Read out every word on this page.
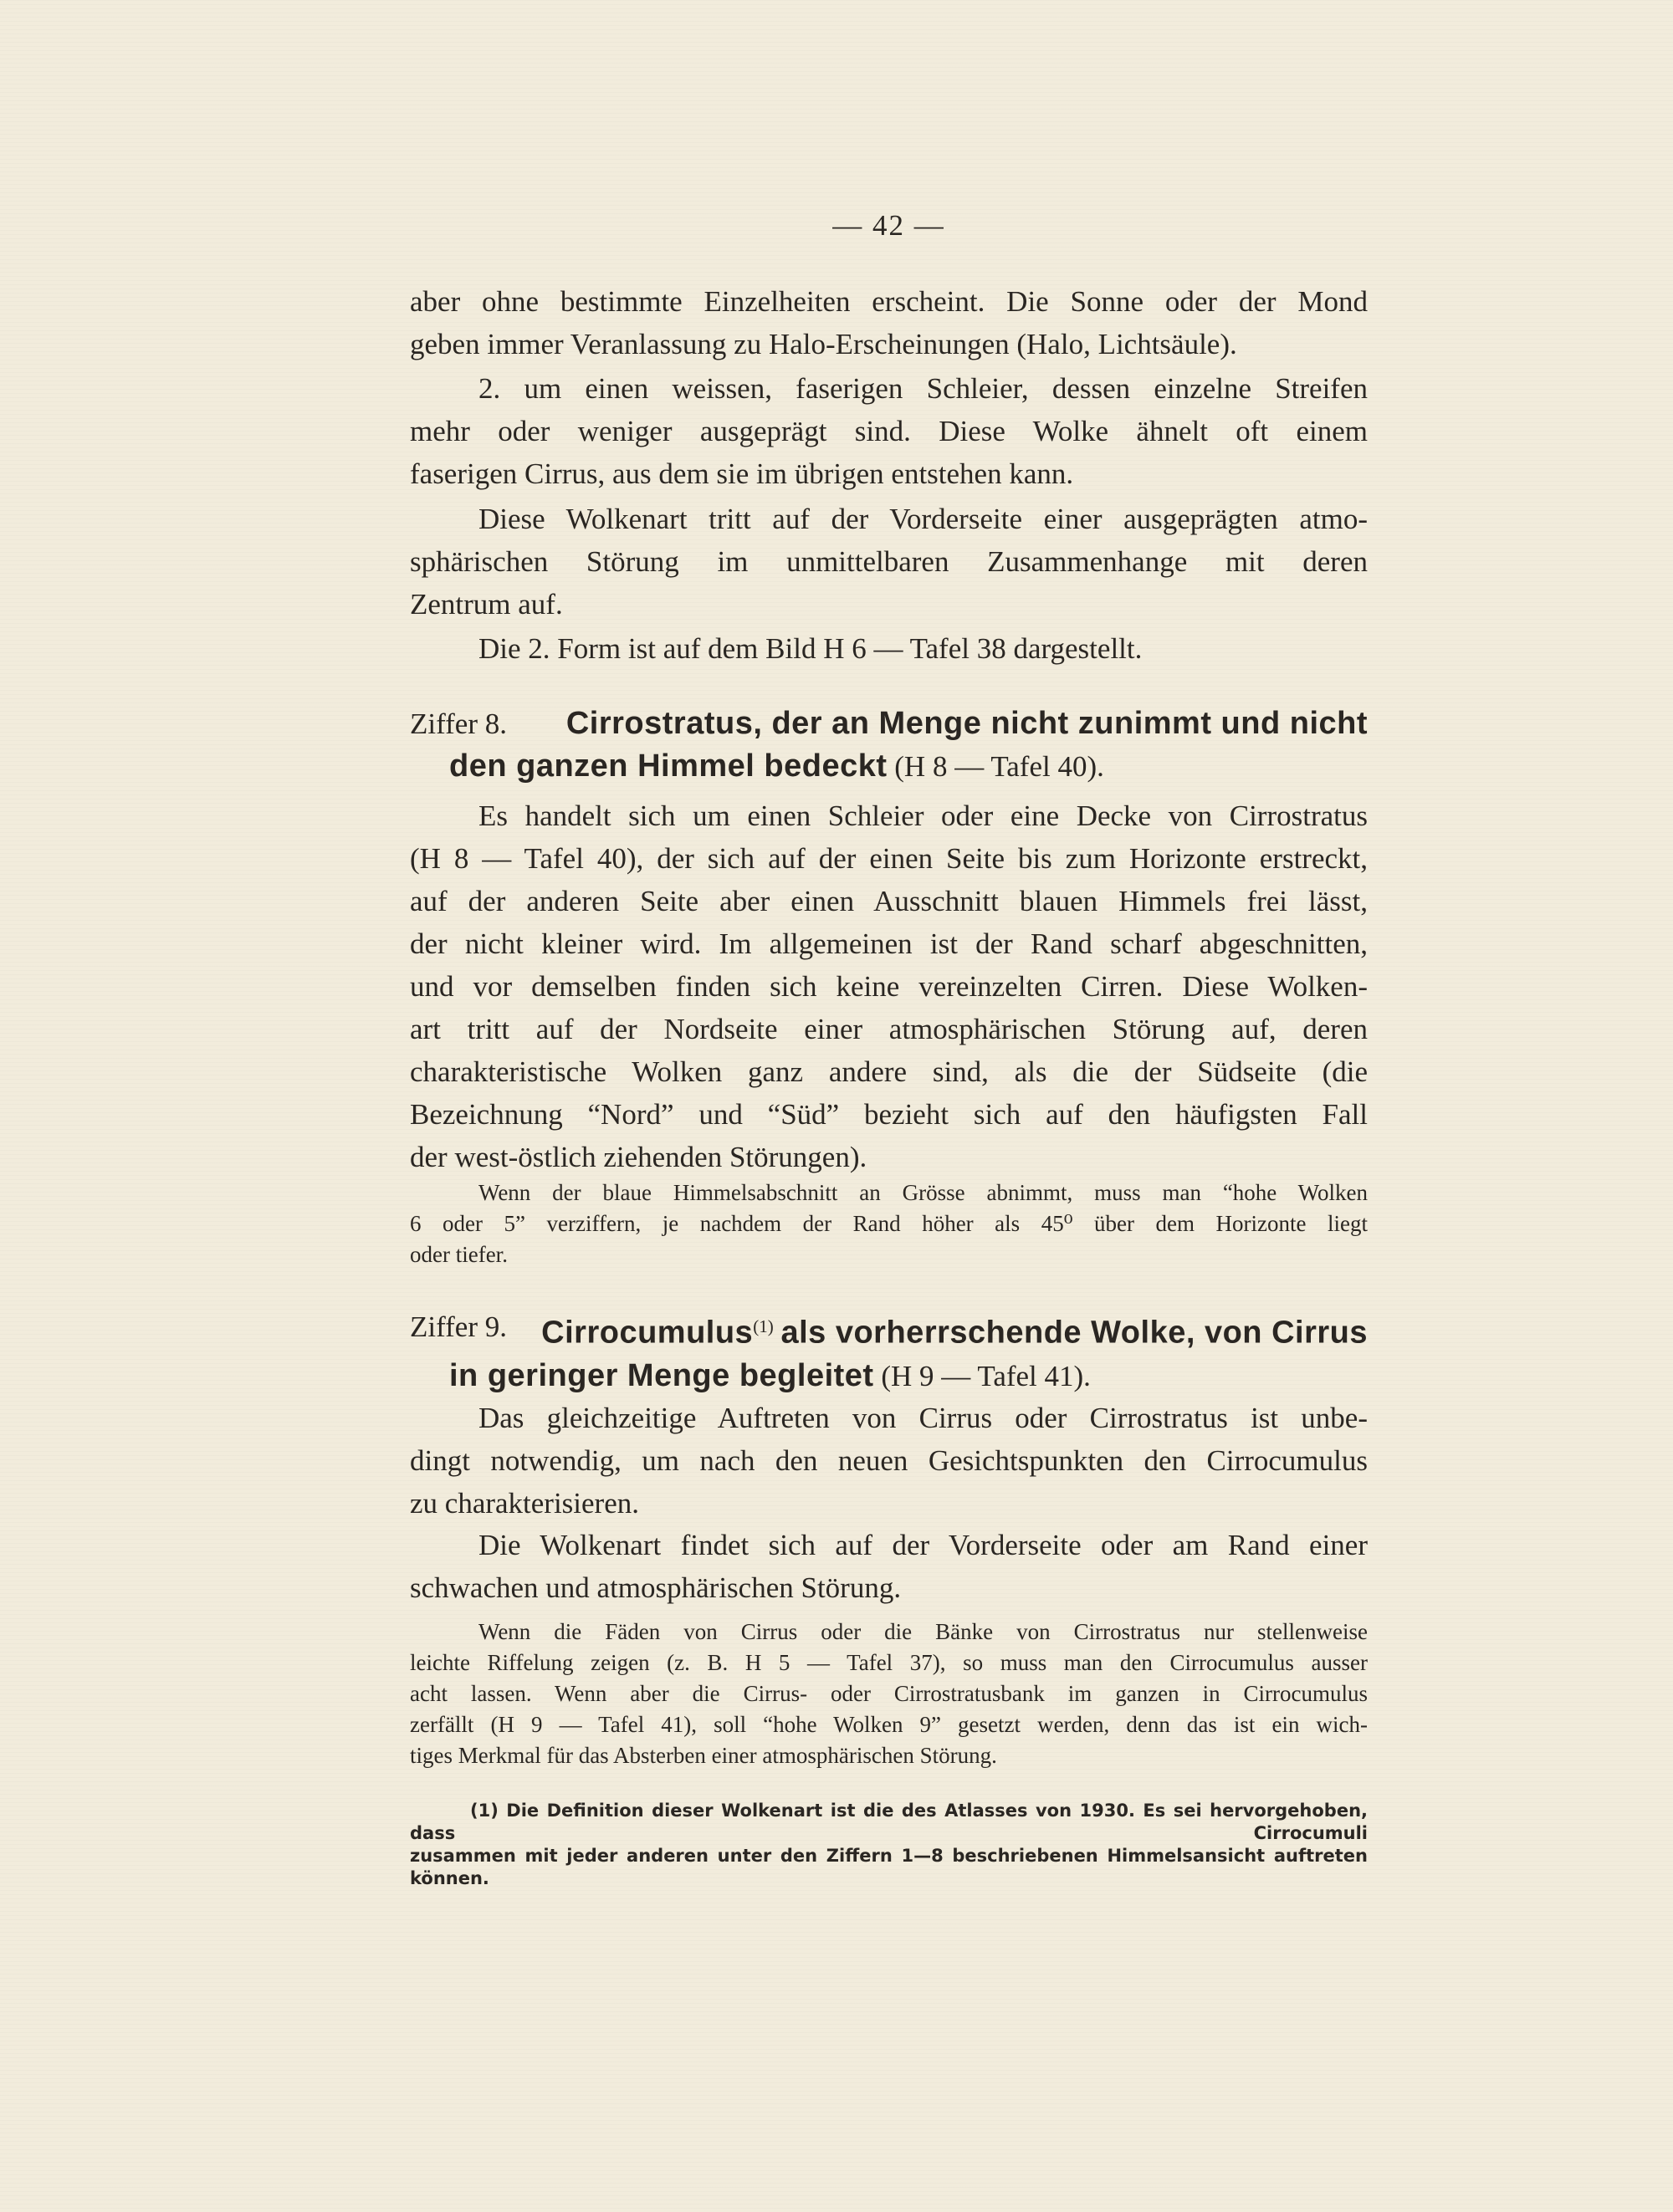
— 42 —

aber ohne bestimmte Einzelheiten erscheint. Die Sonne oder der Mond

geben immer Veranlassung zu Halo-Erscheinungen (Halo, Lichtsäule).

2. um einen weissen, faserigen Schleier, dessen einzelne Streifen

mehr oder weniger ausgeprägt sind. Diese Wolke ähnelt oft einem

faserigen Cirrus, aus dem sie im übrigen entstehen kann.

Diese Wolkenart tritt auf der Vorderseite einer ausgeprägten atmo-

sphärischen Störung im unmittelbaren Zusammenhange mit deren

Zentrum auf.

Die 2. Form ist auf dem Bild H 6 — Tafel 38 dargestellt.

Ziffer 8. Cirrostratus, der an Menge nicht zunimmt und nicht
den ganzen Himmel bedeckt (H 8 — Tafel 40).

Es handelt sich um einen Schleier oder eine Decke von Cirrostratus

(H 8 — Tafel 40), der sich auf der einen Seite bis zum Horizonte erstreckt,

auf der anderen Seite aber einen Ausschnitt blauen Himmels frei lässt,

der nicht kleiner wird. Im allgemeinen ist der Rand scharf abgeschnitten,

und vor demselben finden sich keine vereinzelten Cirren. Diese Wolken-

art tritt auf der Nordseite einer atmosphärischen Störung auf, deren

charakteristische Wolken ganz andere sind, als die der Südseite (die

Bezeichnung “Nord” und “Süd” bezieht sich auf den häufigsten Fall

der west-östlich ziehenden Störungen).

Wenn der blaue Himmelsabschnitt an Grösse abnimmt, muss man “hohe Wolken

6 oder 5” verziffern, je nachdem der Rand höher als 45⁰ über dem Horizonte liegt

oder tiefer.

Ziffer 9. Cirrocumulus$^{(1)}$ als vorherrschende Wolke, von Cirrus
in geringer Menge begleitet (H 9 — Tafel 41).

Das gleichzeitige Auftreten von Cirrus oder Cirrostratus ist unbe-

dingt notwendig, um nach den neuen Gesichtspunkten den Cirrocumulus

zu charakterisieren.

Die Wolkenart findet sich auf der Vorderseite oder am Rand einer

schwachen und atmosphärischen Störung.

Wenn die Fäden von Cirrus oder die Bänke von Cirrostratus nur stellenweise

leichte Riffelung zeigen (z. B. H 5 — Tafel 37), so muss man den Cirrocumulus ausser

acht lassen. Wenn aber die Cirrus- oder Cirrostratusbank im ganzen in Cirrocumulus

zerfällt (H 9 — Tafel 41), soll “hohe Wolken 9” gesetzt werden, denn das ist ein wich-

tiges Merkmal für das Absterben einer atmosphärischen Störung.

(1) Die Definition dieser Wolkenart ist die des Atlasses von 1930. Es sei hervorgehoben, dass Cirrocumuli

zusammen mit jeder anderen unter den Ziffern 1—8 beschriebenen Himmelsansicht auftreten können.
